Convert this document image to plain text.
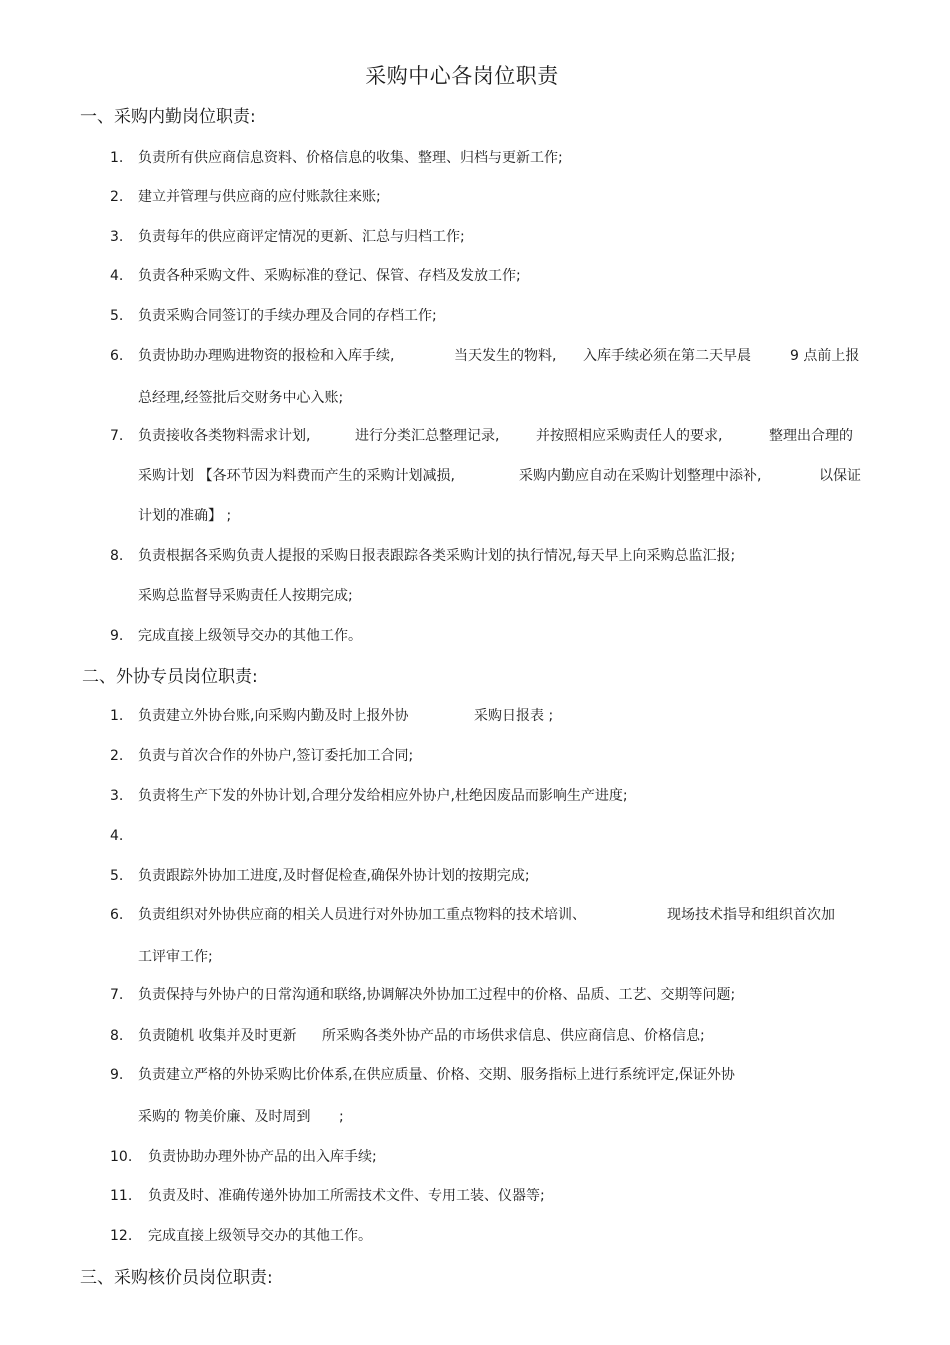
采购中心各岗位职责
一、采购内勤岗位职责:
1. 负责所有供应商信息资料、价格信息的收集、整理、归档与更新工作;
2. 建立并管理与供应商的应付账款往来账;
3. 负责每年的供应商评定情况的更新、汇总与归档工作;
4. 负责各种采购文件、采购标准的登记、保管、存档及发放工作;
5. 负责采购合同签订的手续办理及合同的存档工作;
6. 负责协助办理购进物资的报检和入库手续,	当天发生的物料, 入库手续必须在第二天早晨	9 点前上报
总经理,经签批后交财务中心入账;
7. 负责接收各类物料需求计划,	进行分类汇总整理记录,	并按照相应采购责任人的要求,	整理出合理的
采购计划 【各环节因为料费而产生的采购计划减损,	采购内勤应自动在采购计划整理中添补,	以保证
计划的准确】 ;
8. 负责根据各采购负责人提报的采购日报表跟踪各类采购计划的执行情况,每天早上向采购总监汇报;
采购总监督导采购责任人按期完成;
9. 完成直接上级领导交办的其他工作。
二、外协专员岗位职责:
1. 负责建立外协台账,向采购内勤及时上报外协	采购日报表 ;
2. 负责与首次合作的外协户,签订委托加工合同;
3. 负责将生产下发的外协计划,合理分发给相应外协户,杜绝因废品而影响生产进度;
4.
5. 负责跟踪外协加工进度,及时督促检查,确保外协计划的按期完成;
6. 负责组织对外协供应商的相关人员进行对外协加工重点物料的技术培训、	现场技术指导和组织首次加
工评审工作;
7. 负责保持与外协户的日常沟通和联络,协调解决外协加工过程中的价格、品质、工艺、交期等问题;
8. 负责随机 收集并及时更新 所采购各类外协产品的市场供求信息、供应商信息、价格信息;
9. 负责建立严格的外协采购比价体系,在供应质量、价格、交期、服务指标上进行系统评定,保证外协
采购的 物美价廉、及时周到 ;
10. 负责协助办理外协产品的出入库手续;
11. 负责及时、准确传递外协加工所需技术文件、专用工装、仪器等;
12. 完成直接上级领导交办的其他工作。
三、采购核价员岗位职责:
